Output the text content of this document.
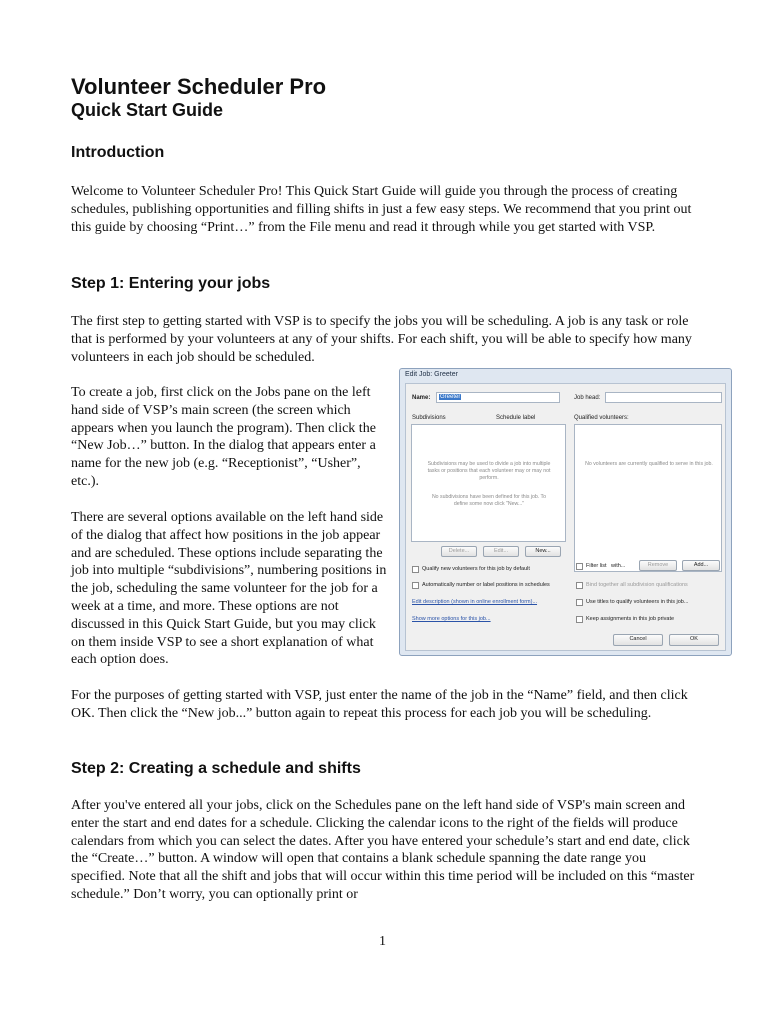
Volunteer Scheduler Pro
Quick Start Guide
Introduction
Welcome to Volunteer Scheduler Pro! This Quick Start Guide will guide you through the process of creating schedules, publishing opportunities and filling shifts in just a few easy steps. We recommend that you print out this guide by choosing “Print…” from the File menu and read it through while you get started with VSP.
Step 1: Entering your jobs
The first step to getting started with VSP is to specify the jobs you will be scheduling. A job is any task or role that is performed by your volunteers at any of your shifts. For each shift, you will be able to specify how many volunteers in each job should be scheduled.
To create a job, first click on the Jobs pane on the left hand side of VSP’s main screen (the screen which appears when you launch the program). Then click the “New Job…” button. In the dialog that appears enter a name for the new job (e.g. “Receptionist”, “Usher”, etc.).
There are several options available on the left hand side of the dialog that affect how positions in the job appear and are scheduled. These options include separating the job into multiple “subdivisions”, numbering positions in the job, scheduling the same volunteer for the job for a week at a time, and more. These options are not discussed in this Quick Start Guide, but you may click on them inside VSP to see a short explanation of what each option does.
For the purposes of getting started with VSP, just enter the name of the job in the “Name” field, and then click OK. Then click the “New job...” button again to repeat this process for each job you will be scheduling.
Step 2: Creating a schedule and shifts
After you've entered all your jobs, click on the Schedules pane on the left hand side of VSP's main screen and enter the start and end dates for a schedule. Clicking the calendar icons to the right of the fields will produce calendars from which you can select the dates. After you have entered your schedule’s start and end date, click the “Create…” button. A window will open that contains a blank schedule spanning the date range you specified. Note that all the shift and jobs that will occur within this time period will be included on this “master schedule.” Don’t worry, you can optionally print or
1
Edit Job: Greeter
Name: Greeter	Job head:
Subdivisions	Schedule label	Qualified volunteers:
Subdivisions may be used to divide a job into multiple tasks or positions that each volunteer may or may not perform.
No subdivisions have been defined for this job. To define some now click "New..."
No volunteers are currently qualified to serve in this job.
Delete...	Edit...	New...
Filter list with...	Remove	Add...
Qualify new volunteers for this job by default
Automatically number or label positions in schedules	Bind together all subdivision qualifications
Edit description (shown in online enrollment form)...	Use titles to qualify volunteers in this job...
Show more options for this job...	Keep assignments in this job private
Cancel	OK
